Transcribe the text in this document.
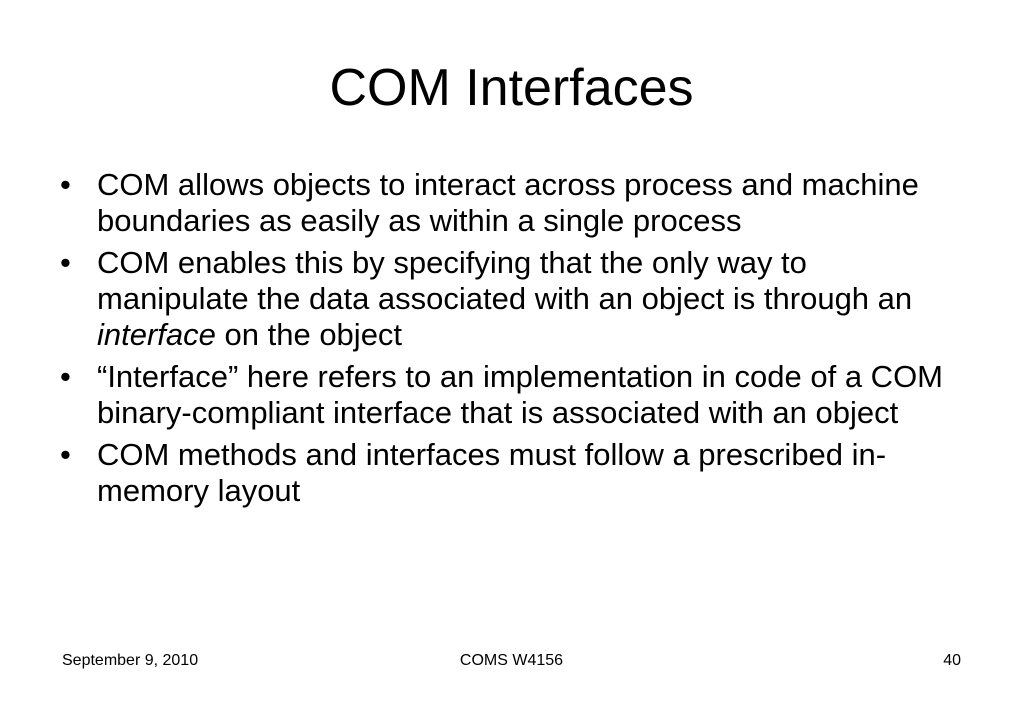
COM Interfaces
• COM allows objects to interact across process and machine boundaries as easily as within a single process
• COM enables this by specifying that the only way to manipulate the data associated with an object is through an interface on the object
• “Interface” here refers to an implementation in code of a COM binary-compliant interface that is associated with an object
• COM methods and interfaces must follow a prescribed in-memory layout
September 9, 2010	COMS W4156	40
